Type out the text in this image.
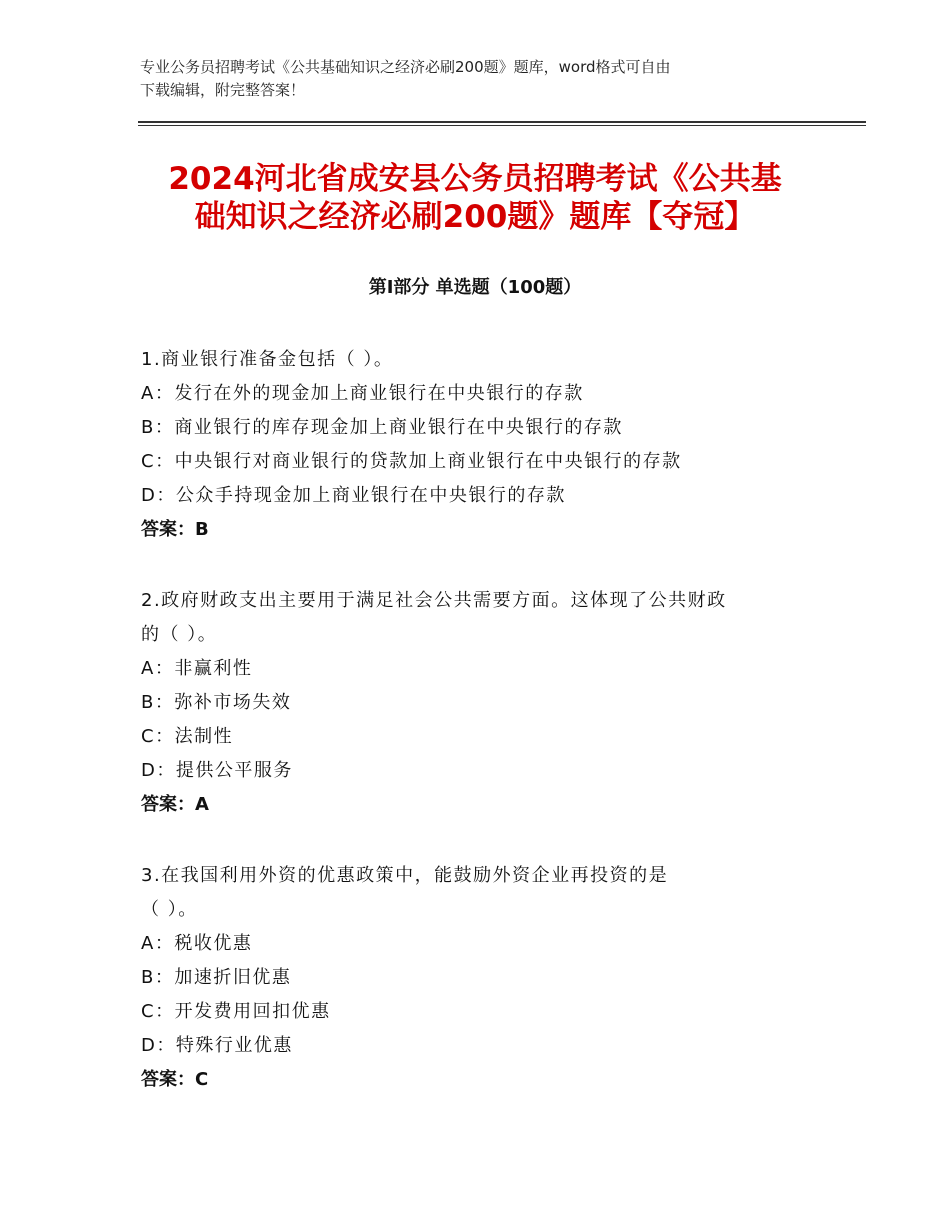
专业公务员招聘考试《公共基础知识之经济必刷200题》题库，word格式可自由
下载编辑，附完整答案！
2024河北省成安县公务员招聘考试《公共基
础知识之经济必刷200题》题库【夺冠】
第Ⅰ部分 单选题（100题）
1.商业银行准备金包括（ ）。
A：发行在外的现金加上商业银行在中央银行的存款
B：商业银行的库存现金加上商业银行在中央银行的存款
C：中央银行对商业银行的贷款加上商业银行在中央银行的存款
D：公众手持现金加上商业银行在中央银行的存款
答案：B
2.政府财政支出主要用于满足社会公共需要方面。这体现了公共财政
的（ ）。
A：非赢利性
B：弥补市场失效
C：法制性
D：提供公平服务
答案：A
3.在我国利用外资的优惠政策中，能鼓励外资企业再投资的是
（ ）。
A：税收优惠
B：加速折旧优惠
C：开发费用回扣优惠
D：特殊行业优惠
答案：C
